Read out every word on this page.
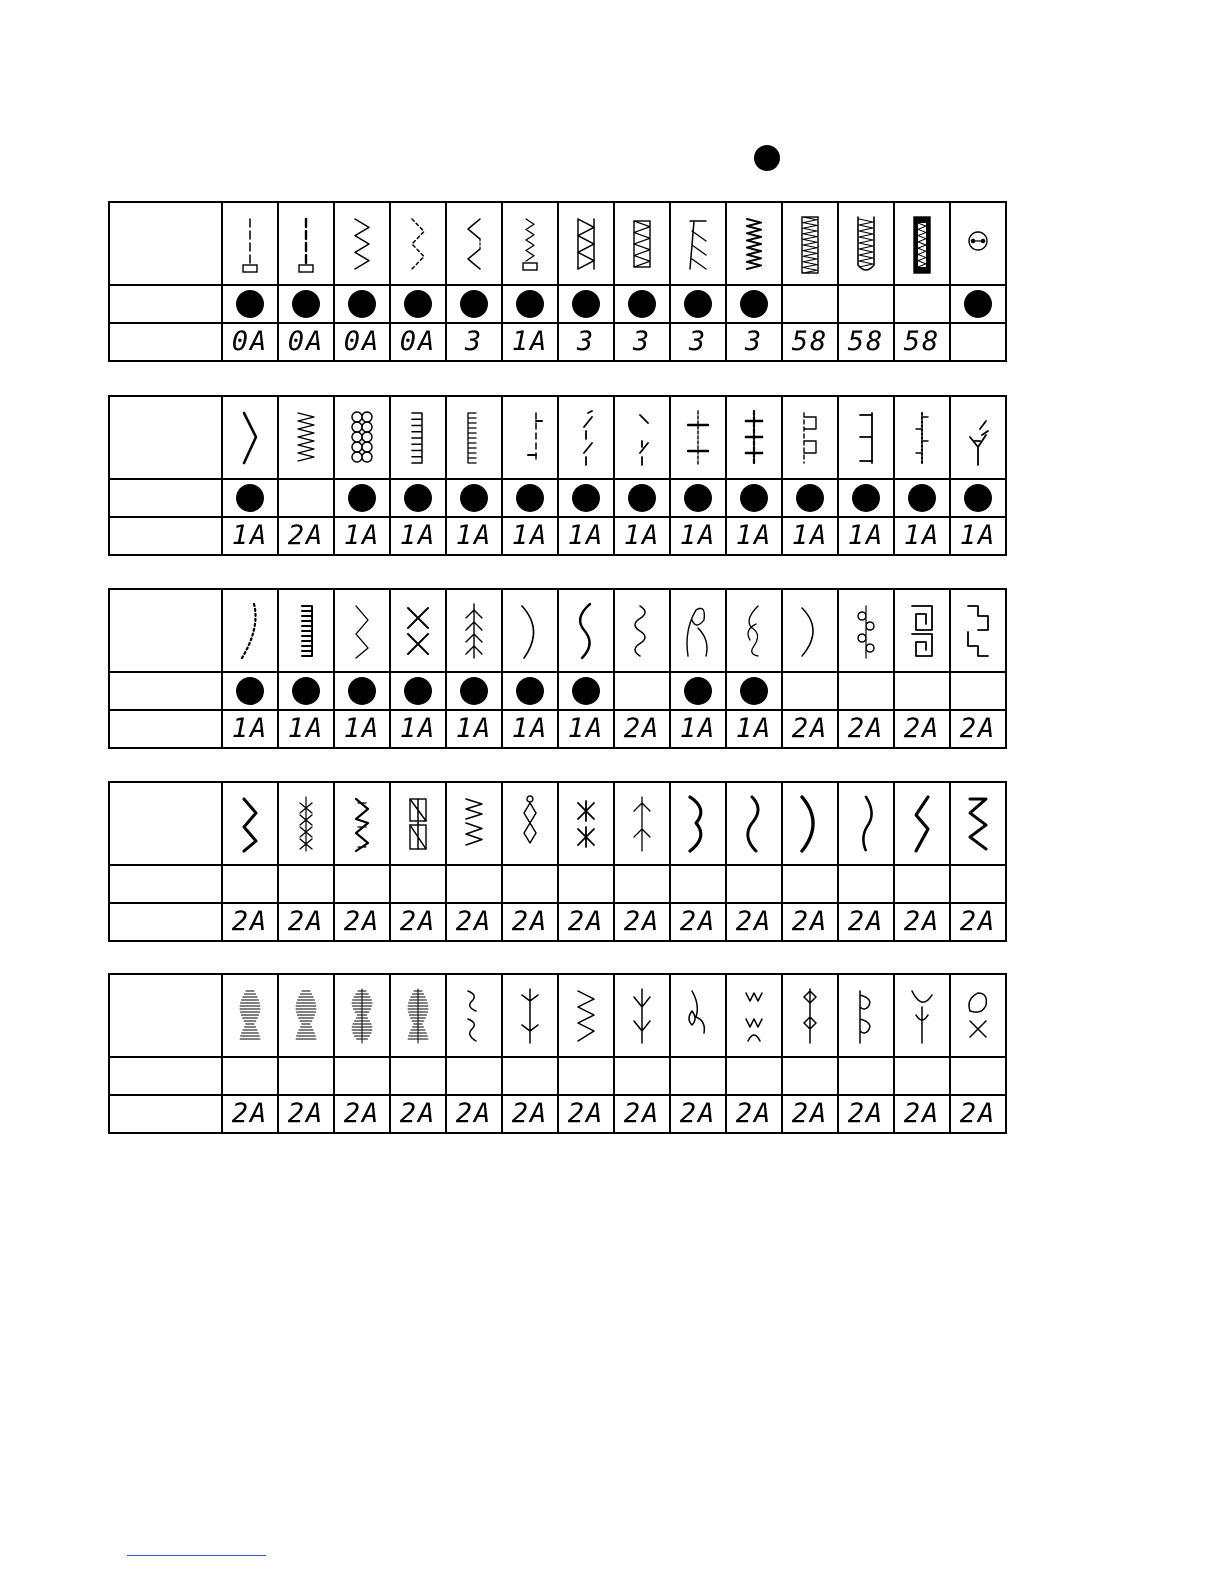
	0A	0A	0A	0A	3	1A	3	3	3	3	58	58	58	

	1A	2A	1A	1A	1A	1A	1A	1A	1A	1A	1A	1A	1A	1A

	1A	1A	1A	1A	1A	1A	1A	2A	1A	1A	2A	2A	2A	2A

	2A	2A	2A	2A	2A	2A	2A	2A	2A	2A	2A	2A	2A	2A

	2A	2A	2A	2A	2A	2A	2A	2A	2A	2A	2A	2A	2A	2A
